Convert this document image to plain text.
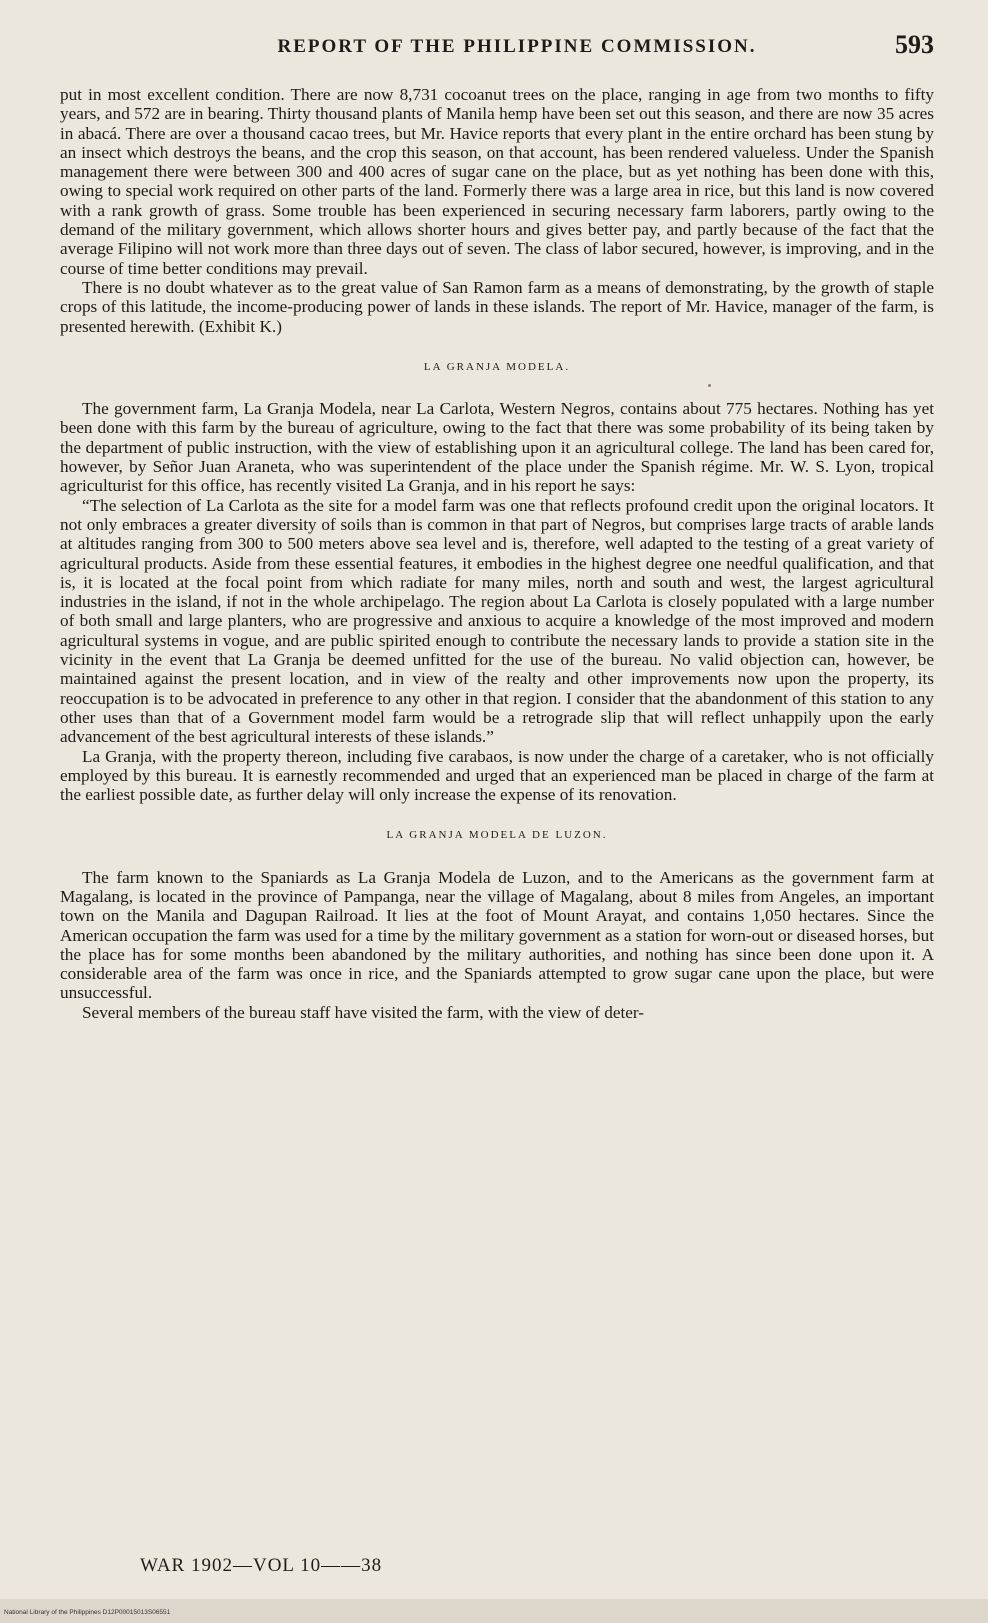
REPORT OF THE PHILIPPINE COMMISSION.	593

put in most excellent condition. There are now 8,731 cocoanut trees on the place, ranging in age from two months to fifty years, and 572 are in bearing. Thirty thousand plants of Manila hemp have been set out this season, and there are now 35 acres in abacá. There are over a thousand cacao trees, but Mr. Havice reports that every plant in the entire orchard has been stung by an insect which destroys the beans, and the crop this season, on that account, has been rendered valueless. Under the Spanish management there were between 300 and 400 acres of sugar cane on the place, but as yet nothing has been done with this, owing to special work required on other parts of the land. Formerly there was a large area in rice, but this land is now covered with a rank growth of grass. Some trouble has been experienced in securing necessary farm laborers, partly owing to the demand of the military government, which allows shorter hours and gives better pay, and partly because of the fact that the average Filipino will not work more than three days out of seven. The class of labor secured, however, is improving, and in the course of time better conditions may prevail.

There is no doubt whatever as to the great value of San Ramon farm as a means of demonstrating, by the growth of staple crops of this latitude, the income-producing power of lands in these islands. The report of Mr. Havice, manager of the farm, is presented herewith. (Exhibit K.)

LA GRANJA MODELA.

The government farm, La Granja Modela, near La Carlota, Western Negros, contains about 775 hectares. Nothing has yet been done with this farm by the bureau of agriculture, owing to the fact that there was some probability of its being taken by the department of public instruction, with the view of establishing upon it an agricultural college. The land has been cared for, however, by Señor Juan Araneta, who was superintendent of the place under the Spanish régime. Mr. W. S. Lyon, tropical agriculturist for this office, has recently visited La Granja, and in his report he says:

“The selection of La Carlota as the site for a model farm was one that reflects profound credit upon the original locators. It not only embraces a greater diversity of soils than is common in that part of Negros, but comprises large tracts of arable lands at altitudes ranging from 300 to 500 meters above sea level and is, therefore, well adapted to the testing of a great variety of agricultural products. Aside from these essential features, it embodies in the highest degree one needful qualification, and that is, it is located at the focal point from which radiate for many miles, north and south and west, the largest agricultural industries in the island, if not in the whole archipelago. The region about La Carlota is closely populated with a large number of both small and large planters, who are progressive and anxious to acquire a knowledge of the most improved and modern agricultural systems in vogue, and are public spirited enough to contribute the necessary lands to provide a station site in the vicinity in the event that La Granja be deemed unfitted for the use of the bureau. No valid objection can, however, be maintained against the present location, and in view of the realty and other improvements now upon the property, its reoccupation is to be advocated in preference to any other in that region. I consider that the abandonment of this station to any other uses than that of a Government model farm would be a retrograde slip that will reflect unhappily upon the early advancement of the best agricultural interests of these islands.”

La Granja, with the property thereon, including five carabaos, is now under the charge of a caretaker, who is not officially employed by this bureau. It is earnestly recommended and urged that an experienced man be placed in charge of the farm at the earliest possible date, as further delay will only increase the expense of its renovation.

LA GRANJA MODELA DE LUZON.

The farm known to the Spaniards as La Granja Modela de Luzon, and to the Americans as the government farm at Magalang, is located in the province of Pampanga, near the village of Magalang, about 8 miles from Angeles, an important town on the Manila and Dagupan Railroad. It lies at the foot of Mount Arayat, and contains 1,050 hectares. Since the American occupation the farm was used for a time by the military government as a station for worn-out or diseased horses, but the place has for some months been abandoned by the military authorities, and nothing has since been done upon it. A considerable area of the farm was once in rice, and the Spaniards attempted to grow sugar cane upon the place, but were unsuccessful.

Several members of the bureau staff have visited the farm, with the view of deter-

WAR 1902—VOL 10——38
National Library of the Philippines D12P00015013S06551
